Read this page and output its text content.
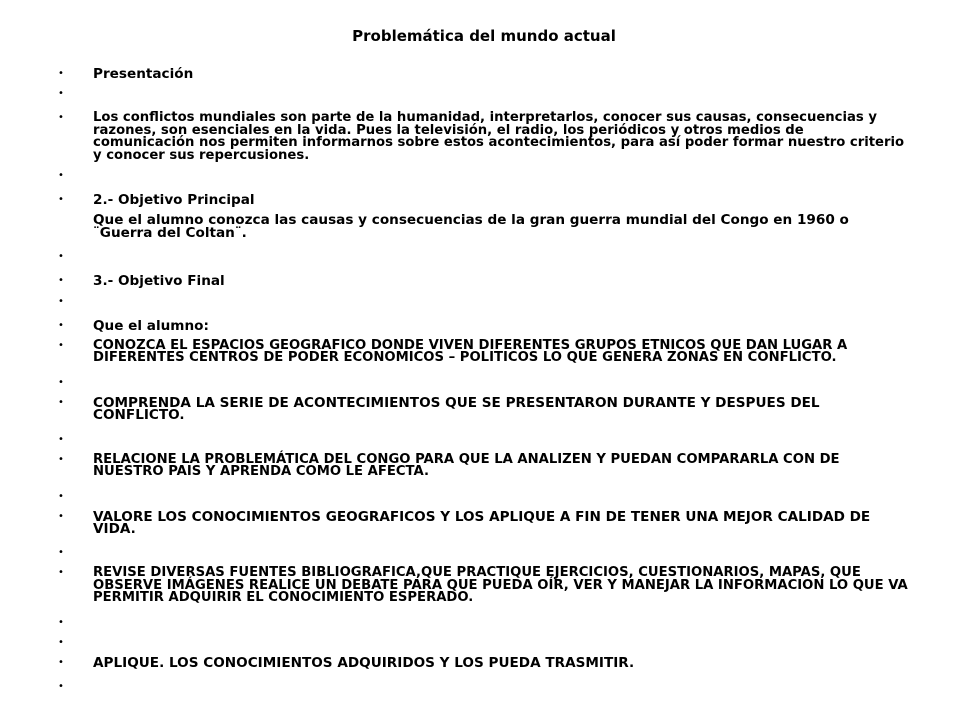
Problemática del mundo actual
• Presentación
•
• Los conflictos mundiales son parte de la humanidad, interpretarlos, conocer sus causas, consecuencias y razones, son esenciales en la vida. Pues la televisión, el radio, los periódicos y otros medios de comunicación nos permiten informarnos sobre estos acontecimientos, para así poder formar nuestro criterio y conocer sus repercusiones.
•
• 2.- Objetivo Principal
Que el alumno conozca las causas y consecuencias de la gran guerra mundial del Congo en 1960 o ¨Guerra del Coltan¨.
•
• 3.- Objetivo Final
•
• Que el alumno:
• CONOZCA EL ESPACIOS GEOGRAFICO DONDE VIVEN DIFERENTES GRUPOS ETNICOS QUE DAN LUGAR A DIFERENTES CENTROS DE PODER ECONOMICOS – POLITICOS LO QUE GENERA ZONAS EN CONFLICTO.
•
• COMPRENDA LA SERIE DE ACONTECIMIENTOS QUE SE PRESENTARON DURANTE Y DESPUES DEL CONFLICTO.
•
• RELACIONE LA PROBLEMÁTICA DEL CONGO PARA QUE LA ANALIZEN Y PUEDAN COMPARARLA CON DE NUESTRO PAIS Y APRENDA COMO LE AFECTA.
•
• VALORE LOS CONOCIMIENTOS GEOGRAFICOS Y LOS APLIQUE A FIN DE TENER UNA MEJOR CALIDAD DE VIDA.
•
• REVISE DIVERSAS FUENTES BIBLIOGRAFICA,QUE PRACTIQUE EJERCICIOS, CUESTIONARIOS, MAPAS, QUE OBSERVE IMÁGENES REALICE UN DEBATE PARA QUE PUEDA OÍR, VER Y MANEJAR LA INFORMACION LO QUE VA PERMITIR ADQUIRIR EL CONOCIMIENTO ESPERADO.
•
•
• APLIQUE. LOS CONOCIMIENTOS ADQUIRIDOS Y LOS PUEDA TRASMITIR.
•
